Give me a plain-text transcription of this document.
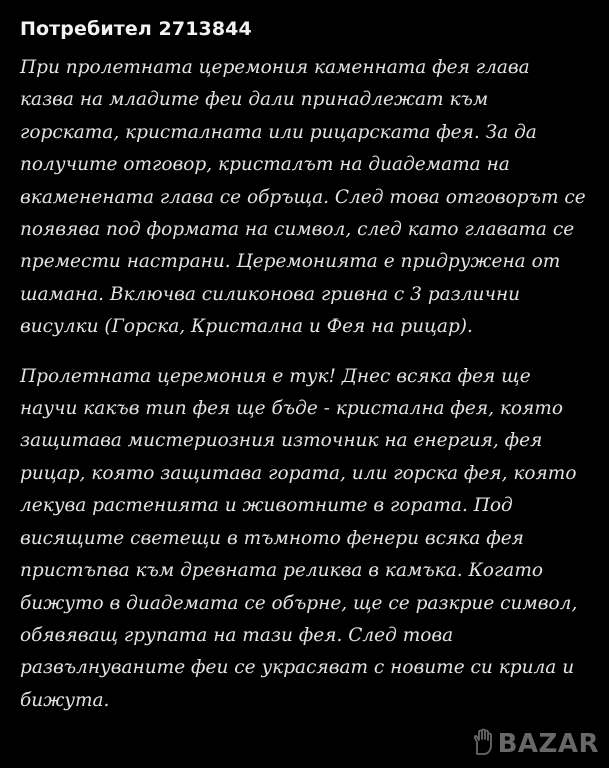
Потребител 2713844

При пролетната церемония каменната фея глава казва на младите феи дали принадлежат към горската, кристалната или рицарската фея. За да получите отговор, кристалът на диадемата на вкаменената глава се обръща. След това отговорът се появява под формата на символ, след като главата се премести настрани. Церемонията е придружена от шамана. Включва силиконова гривна с 3 различни висулки (Горска, Кристална и Фея на рицар).

Пролетната церемония е тук! Днес всяка фея ще научи какъв тип фея ще бъде - кристална фея, която защитава мистериозния източник на енергия, фея рицар, която защитава гората, или горска фея, която лекува растенията и животните в гората. Под висящите светещи в тъмното фенери всяка фея пристъпва към древната реликва в камъка. Когато бижуто в диадемата се обърне, ще се разкрие символ, обявяващ групата на тази фея. След това развълнуваните феи се украсяват с новите си крила и бижута.

BAZAR
